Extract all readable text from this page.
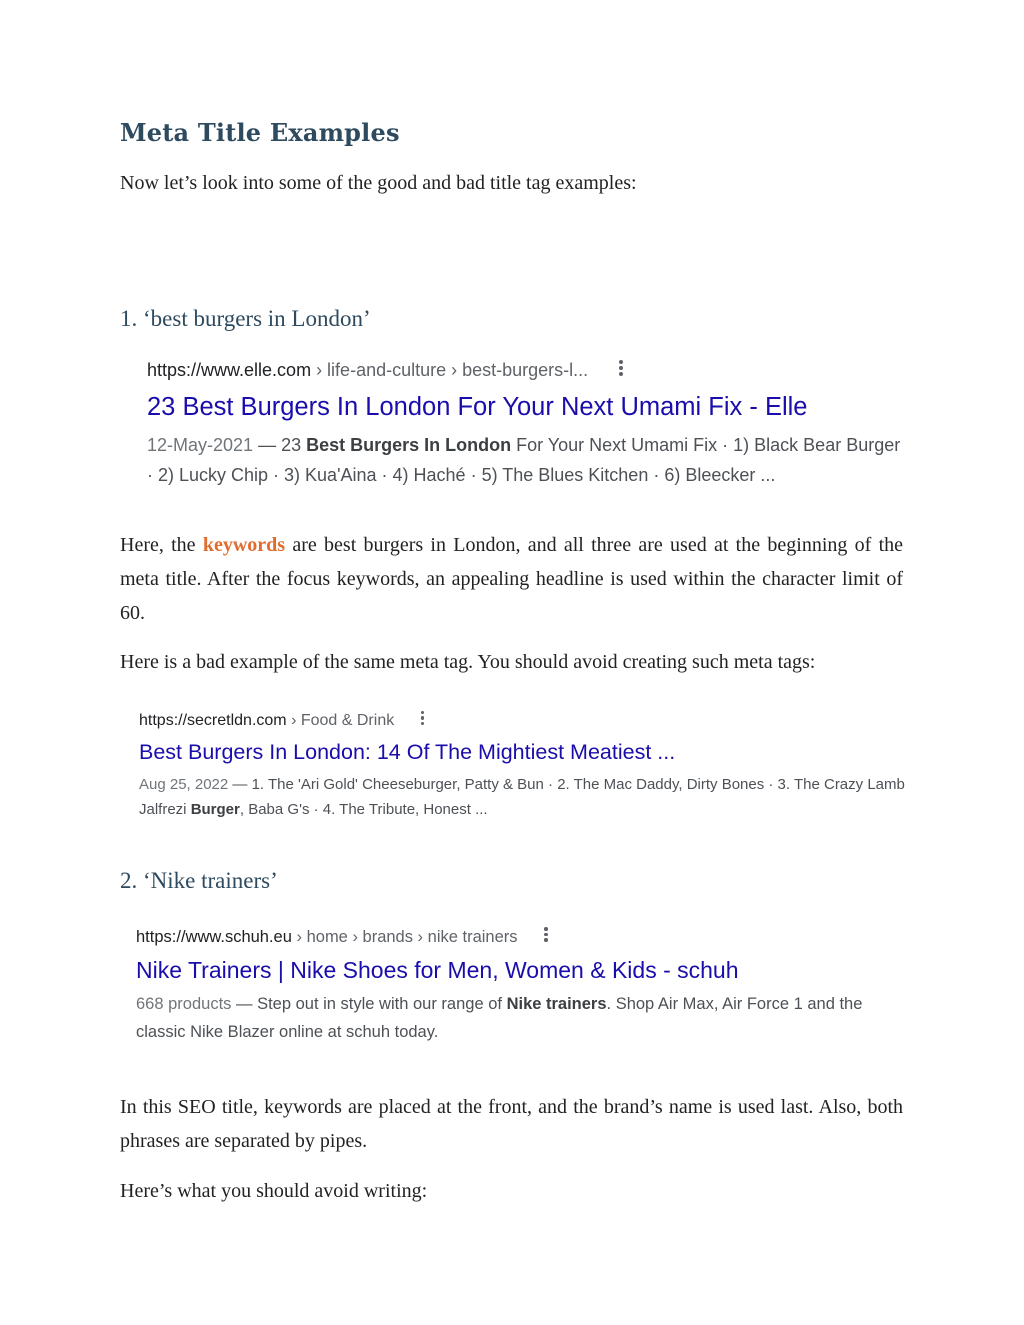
Meta Title Examples

Now let’s look into some of the good and bad title tag examples:

1. ‘best burgers in London’
https://www.elle.com › life-and-culture › best-burgers-l...
23 Best Burgers In London For Your Next Umami Fix - Elle
12-May-2021 — 23 Best Burgers In London For Your Next Umami Fix · 1) Black Bear Burger · 2) Lucky Chip · 3) Kua'Aina · 4) Haché · 5) The Blues Kitchen · 6) Bleecker ...

Here, the keywords are best burgers in London, and all three are used at the beginning of the meta title. After the focus keywords, an appealing headline is used within the character limit of 60.

Here is a bad example of the same meta tag. You should avoid creating such meta tags:

https://secretldn.com › Food & Drink
Best Burgers In London: 14 Of The Mightiest Meatiest ...
Aug 25, 2022 — 1. The 'Ari Gold' Cheeseburger, Patty & Bun · 2. The Mac Daddy, Dirty Bones · 3. The Crazy Lamb Jalfrezi Burger, Baba G's · 4. The Tribute, Honest ...
2. ‘Nike trainers’
https://www.schuh.eu › home › brands › nike trainers
Nike Trainers | Nike Shoes for Men, Women & Kids - schuh
668 products — Step out in style with our range of Nike trainers. Shop Air Max, Air Force 1 and the classic Nike Blazer online at schuh today.

In this SEO title, keywords are placed at the front, and the brand’s name is used last. Also, both phrases are separated by pipes.

Here’s what you should avoid writing:
